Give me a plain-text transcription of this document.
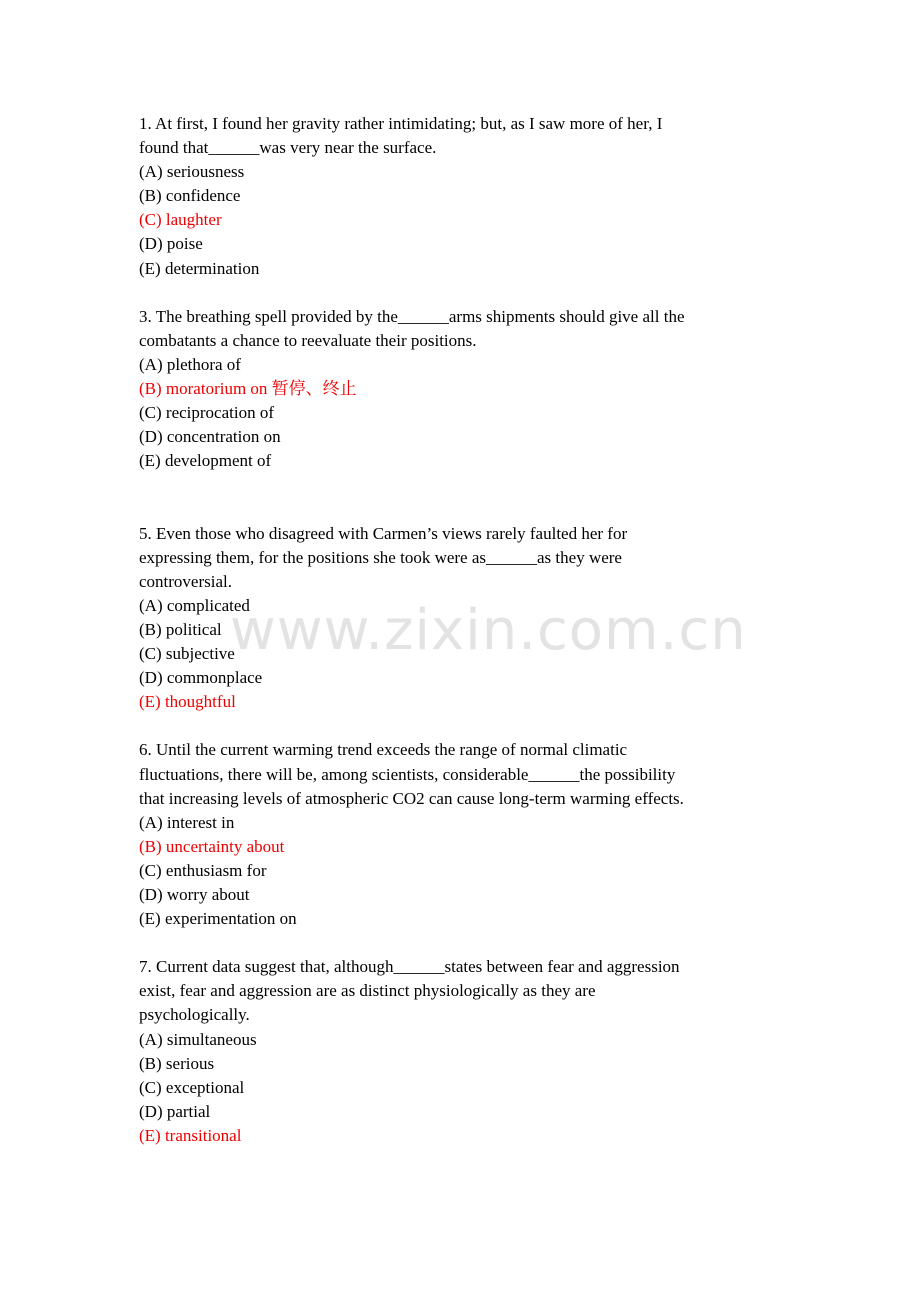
www.zixin.com.cn
1. At first, I found her gravity rather intimidating; but, as I saw more of her, I
found that______was very near the surface.
(A) seriousness
(B) confidence
(C) laughter
(D) poise
(E) determination
3. The breathing spell provided by the______arms shipments should give all the
combatants a chance to reevaluate their positions.
(A) plethora of
(B) moratorium on 暂停、终止
(C) reciprocation of
(D) concentration on
(E) development of
5. Even those who disagreed with Carmen’s views rarely faulted her for
expressing them, for the positions she took were as______as they were
controversial.
(A) complicated
(B) political
(C) subjective
(D) commonplace
(E) thoughtful
6. Until the current warming trend exceeds the range of normal climatic
fluctuations, there will be, among scientists, considerable______the possibility
that increasing levels of atmospheric CO2 can cause long-term warming effects.
(A) interest in
(B) uncertainty about
(C) enthusiasm for
(D) worry about
(E) experimentation on
7. Current data suggest that, although______states between fear and aggression
exist, fear and aggression are as distinct physiologically as they are
psychologically.
(A) simultaneous
(B) serious
(C) exceptional
(D) partial
(E) transitional
